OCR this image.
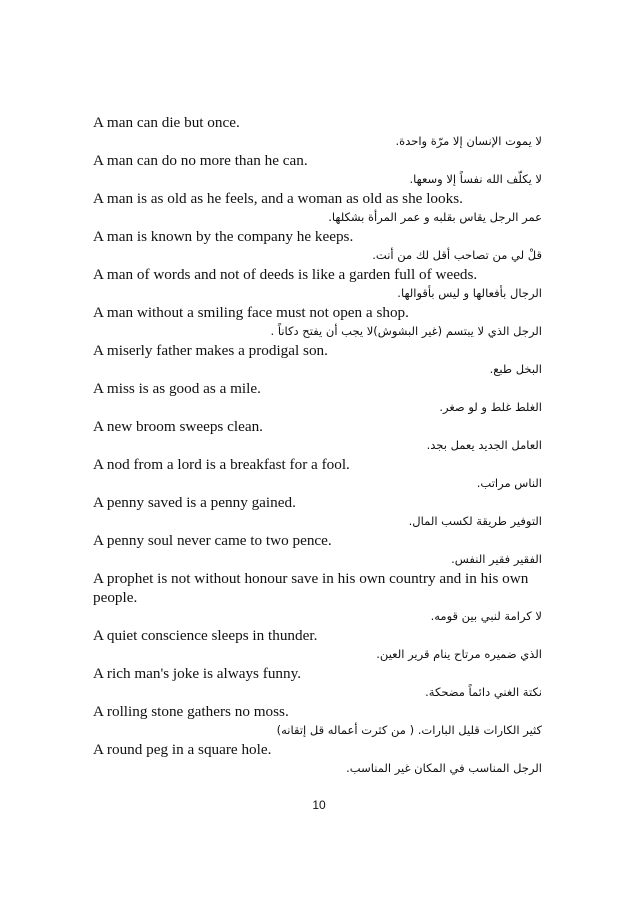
A man can die but once.
لا يموت الإنسان إلا مرّة واحدة.
A man can do no more than he can.
لا يكلّف الله نفساً إلا وسعها.
A man is as old as he feels, and a woman as old as she looks.
عمر الرجل يقاس بقلبه و عمر المرأة بشكلها.
A man is known by the company he keeps.
قلْ لي من تصاحب أقل لك من أنت.
A man of words and not of deeds is like a garden full of weeds.
الرجال بأفعالها و ليس بأقوالها.
A man without a smiling face must not open a shop.
الرجل الذي لا يبتسم (غير البشوش)لا يجب أن يفتح دكاناً .
A miserly father makes a prodigal son.
البخل طبع.
A miss is as good as a mile.
الغلط غلط و لو صغر.
A new broom sweeps clean.
العامل الجديد يعمل بجد.
A nod from a lord is a breakfast for a fool.
الناس مراتب.
A penny saved is a penny gained.
التوفير طريقة لكسب المال.
A penny soul never came to two pence.
الفقير فقير النفس.
A prophet is not without honour save in his own country and in his own people.
لا كرامة لنبي بين قومه.
A quiet conscience sleeps in thunder.
الذي ضميره مرتاح ينام قرير العين.
A rich man's joke is always funny.
نكتة الغني دائماً مضحكة.
A rolling stone gathers no moss.
كثير الكارات قليل البارات. ( من كثرت أعماله قل إتقانه)
A round peg in a square hole.
الرجل المناسب في المكان غير المناسب.
10
